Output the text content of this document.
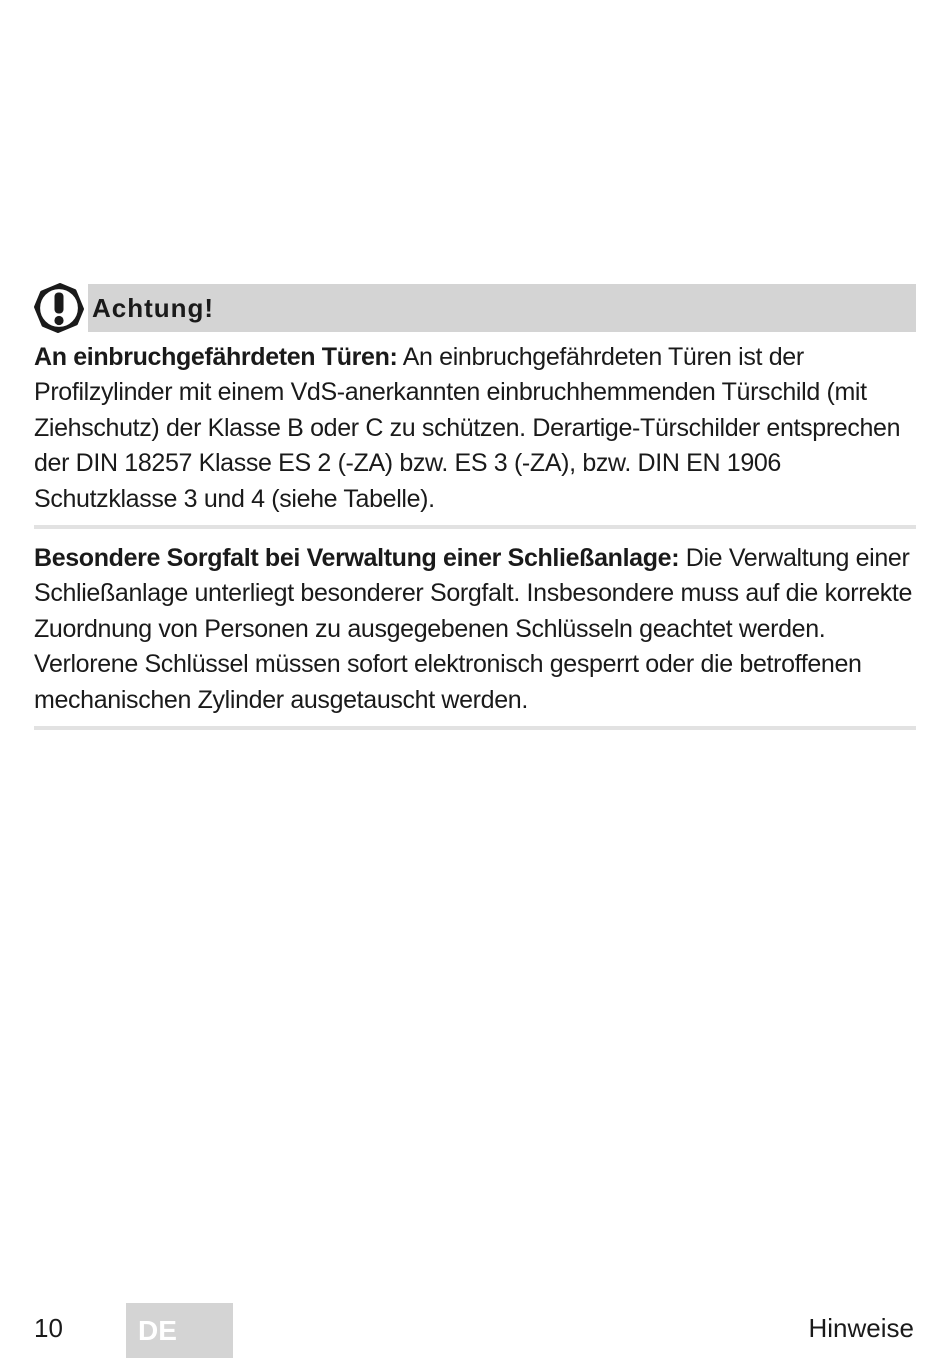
Achtung!

An einbruchgefährdeten Türen: An einbruchgefährdeten Türen ist der Profilzylinder mit einem VdS-anerkannten einbruchhemmenden Türschild (mit Ziehschutz) der Klasse B oder C zu schützen. Derartige-Türschilder entsprechen der DIN 18257 Klasse ES 2 (-ZA) bzw. ES 3 (-ZA), bzw. DIN EN 1906 Schutzklasse 3 und 4 (siehe Tabelle).

Besondere Sorgfalt bei Verwaltung einer Schließanlage: Die Verwaltung einer Schließanlage unterliegt besonderer Sorgfalt. Insbesondere muss auf die korrekte Zuordnung von Personen zu ausgegebenen Schlüsseln geachtet werden. Verlorene Schlüssel müssen sofort elektronisch gesperrt oder die betroffenen mechanischen Zylinder ausgetauscht werden.

10	DE	Hinweise
